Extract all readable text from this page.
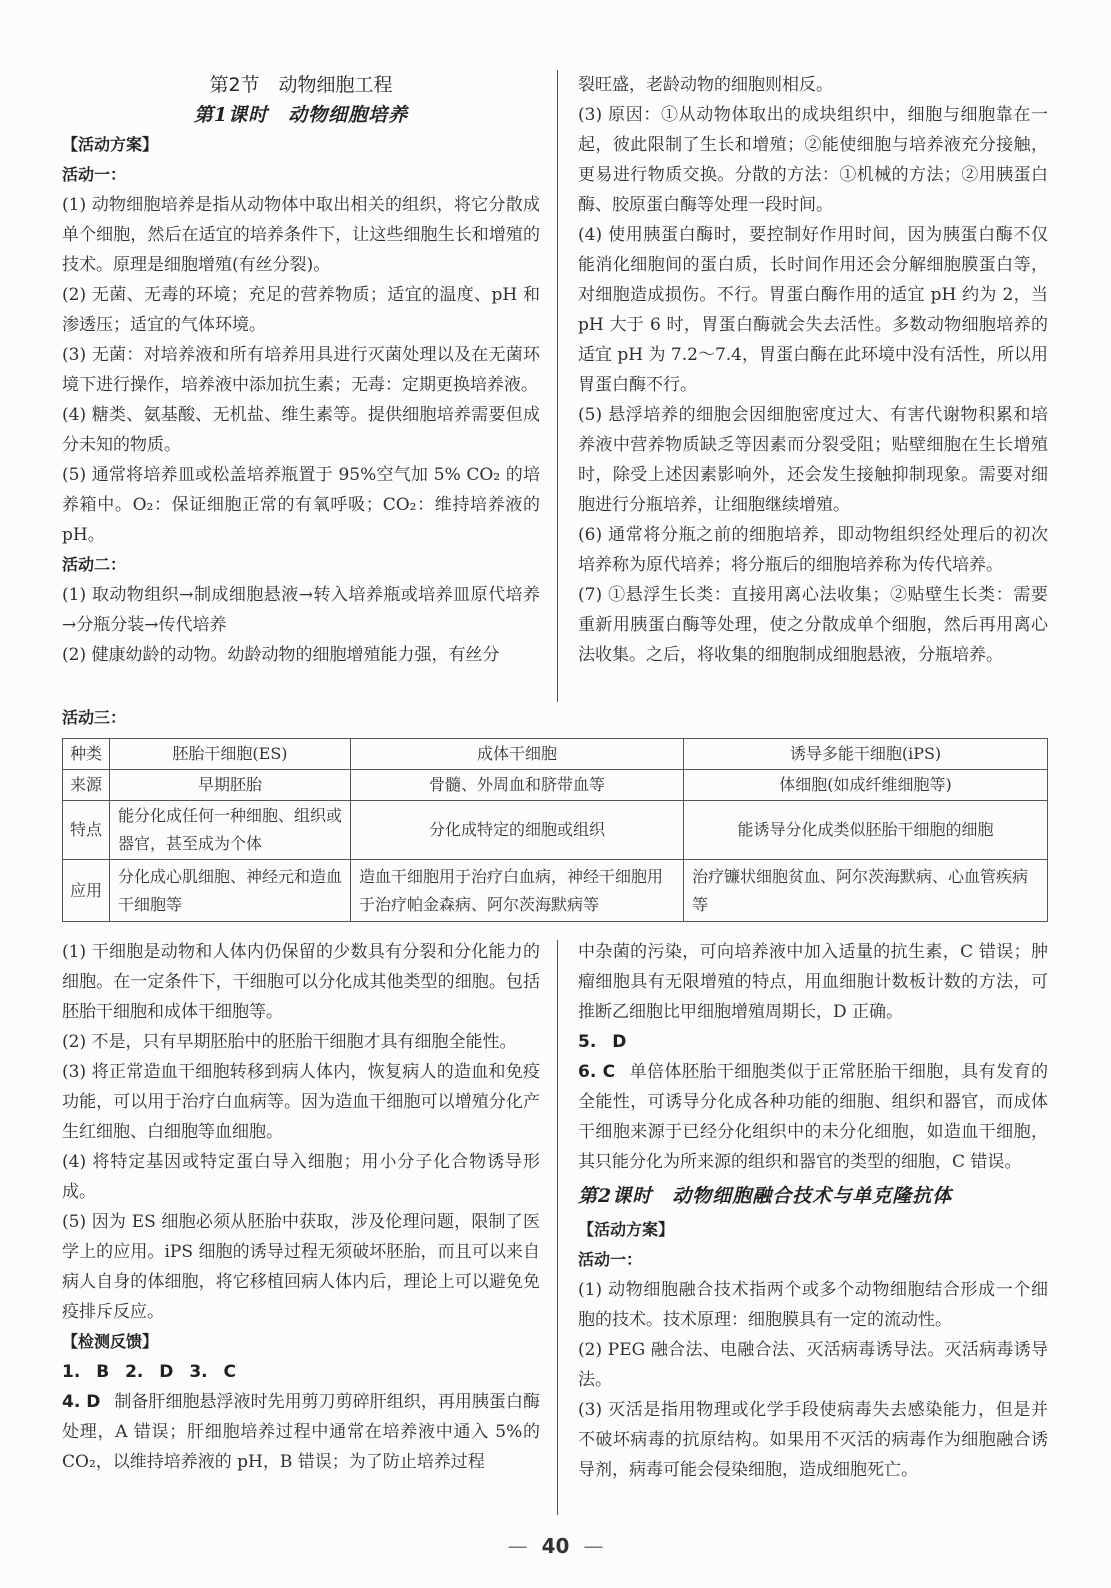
第2节　动物细胞工程

第1课时　动物细胞培养

【活动方案】

活动一：

(1) 动物细胞培养是指从动物体中取出相关的组织，将它分散成单个细胞，然后在适宜的培养条件下，让这些细胞生长和增殖的技术。原理是细胞增殖(有丝分裂)。

(2) 无菌、无毒的环境；充足的营养物质；适宜的温度、pH 和渗透压；适宜的气体环境。

(3) 无菌：对培养液和所有培养用具进行灭菌处理以及在无菌环境下进行操作，培养液中添加抗生素；无毒：定期更换培养液。

(4) 糖类、氨基酸、无机盐、维生素等。提供细胞培养需要但成分未知的物质。

(5) 通常将培养皿或松盖培养瓶置于 95%空气加 5% CO₂ 的培养箱中。O₂：保证细胞正常的有氧呼吸；CO₂：维持培养液的 pH。

活动二：

(1) 取动物组织→制成细胞悬液→转入培养瓶或培养皿原代培养→分瓶分装→传代培养

(2) 健康幼龄的动物。幼龄动物的细胞增殖能力强，有丝分

裂旺盛，老龄动物的细胞则相反。

(3) 原因：①从动物体取出的成块组织中，细胞与细胞靠在一起，彼此限制了生长和增殖；②能使细胞与培养液充分接触，更易进行物质交换。分散的方法：①机械的方法；②用胰蛋白酶、胶原蛋白酶等处理一段时间。

(4) 使用胰蛋白酶时，要控制好作用时间，因为胰蛋白酶不仅能消化细胞间的蛋白质，长时间作用还会分解细胞膜蛋白等，对细胞造成损伤。不行。胃蛋白酶作用的适宜 pH 约为 2，当 pH 大于 6 时，胃蛋白酶就会失去活性。多数动物细胞培养的适宜 pH 为 7.2～7.4，胃蛋白酶在此环境中没有活性，所以用胃蛋白酶不行。

(5) 悬浮培养的细胞会因细胞密度过大、有害代谢物积累和培养液中营养物质缺乏等因素而分裂受阻；贴壁细胞在生长增殖时，除受上述因素影响外，还会发生接触抑制现象。需要对细胞进行分瓶培养，让细胞继续增殖。

(6) 通常将分瓶之前的细胞培养，即动物组织经处理后的初次培养称为原代培养；将分瓶后的细胞培养称为传代培养。

(7) ①悬浮生长类：直接用离心法收集；②贴壁生长类：需要重新用胰蛋白酶等处理，使之分散成单个细胞，然后再用离心法收集。之后，将收集的细胞制成细胞悬液，分瓶培养。

活动三：
种类	胚胎干细胞(ES)	成体干细胞	诱导多能干细胞(iPS)
来源	早期胚胎	骨髓、外周血和脐带血等	体细胞(如成纤维细胞等)
特点	能分化成任何一种细胞、组织或器官，甚至成为个体	分化成特定的细胞或组织	能诱导分化成类似胚胎干细胞的细胞
应用	分化成心肌细胞、神经元和造血干细胞等	造血干细胞用于治疗白血病，神经干细胞用于治疗帕金森病、阿尔茨海默病等	治疗镰状细胞贫血、阿尔茨海默病、心血管疾病等

(1) 干细胞是动物和人体内仍保留的少数具有分裂和分化能力的细胞。在一定条件下，干细胞可以分化成其他类型的细胞。包括胚胎干细胞和成体干细胞等。

(2) 不是，只有早期胚胎中的胚胎干细胞才具有细胞全能性。

(3) 将正常造血干细胞转移到病人体内，恢复病人的造血和免疫功能，可以用于治疗白血病等。因为造血干细胞可以增殖分化产生红细胞、白细胞等血细胞。

(4) 将特定基因或特定蛋白导入细胞；用小分子化合物诱导形成。

(5) 因为 ES 细胞必须从胚胎中获取，涉及伦理问题，限制了医学上的应用。iPS 细胞的诱导过程无须破坏胚胎，而且可以来自病人自身的体细胞，将它移植回病人体内后，理论上可以避免免疫排斥反应。

【检测反馈】

1. B 2. D 3. C

4. D 制备肝细胞悬浮液时先用剪刀剪碎肝组织，再用胰蛋白酶处理，A 错误；肝细胞培养过程中通常在培养液中通入 5%的 CO₂，以维持培养液的 pH，B 错误；为了防止培养过程

中杂菌的污染，可向培养液中加入适量的抗生素，C 错误；肿瘤细胞具有无限增殖的特点，用血细胞计数板计数的方法，可推断乙细胞比甲细胞增殖周期长，D 正确。

5. D

6. C 单倍体胚胎干细胞类似于正常胚胎干细胞，具有发育的全能性，可诱导分化成各种功能的细胞、组织和器官，而成体干细胞来源于已经分化组织中的未分化细胞，如造血干细胞，其只能分化为所来源的组织和器官的类型的细胞，C 错误。

第2课时　动物细胞融合技术与单克隆抗体

【活动方案】

活动一：

(1) 动物细胞融合技术指两个或多个动物细胞结合形成一个细胞的技术。技术原理：细胞膜具有一定的流动性。

(2) PEG 融合法、电融合法、灭活病毒诱导法。灭活病毒诱导法。

(3) 灭活是指用物理或化学手段使病毒失去感染能力，但是并不破坏病毒的抗原结构。如果用不灭活的病毒作为细胞融合诱导剂，病毒可能会侵染细胞，造成细胞死亡。

— 40 —
